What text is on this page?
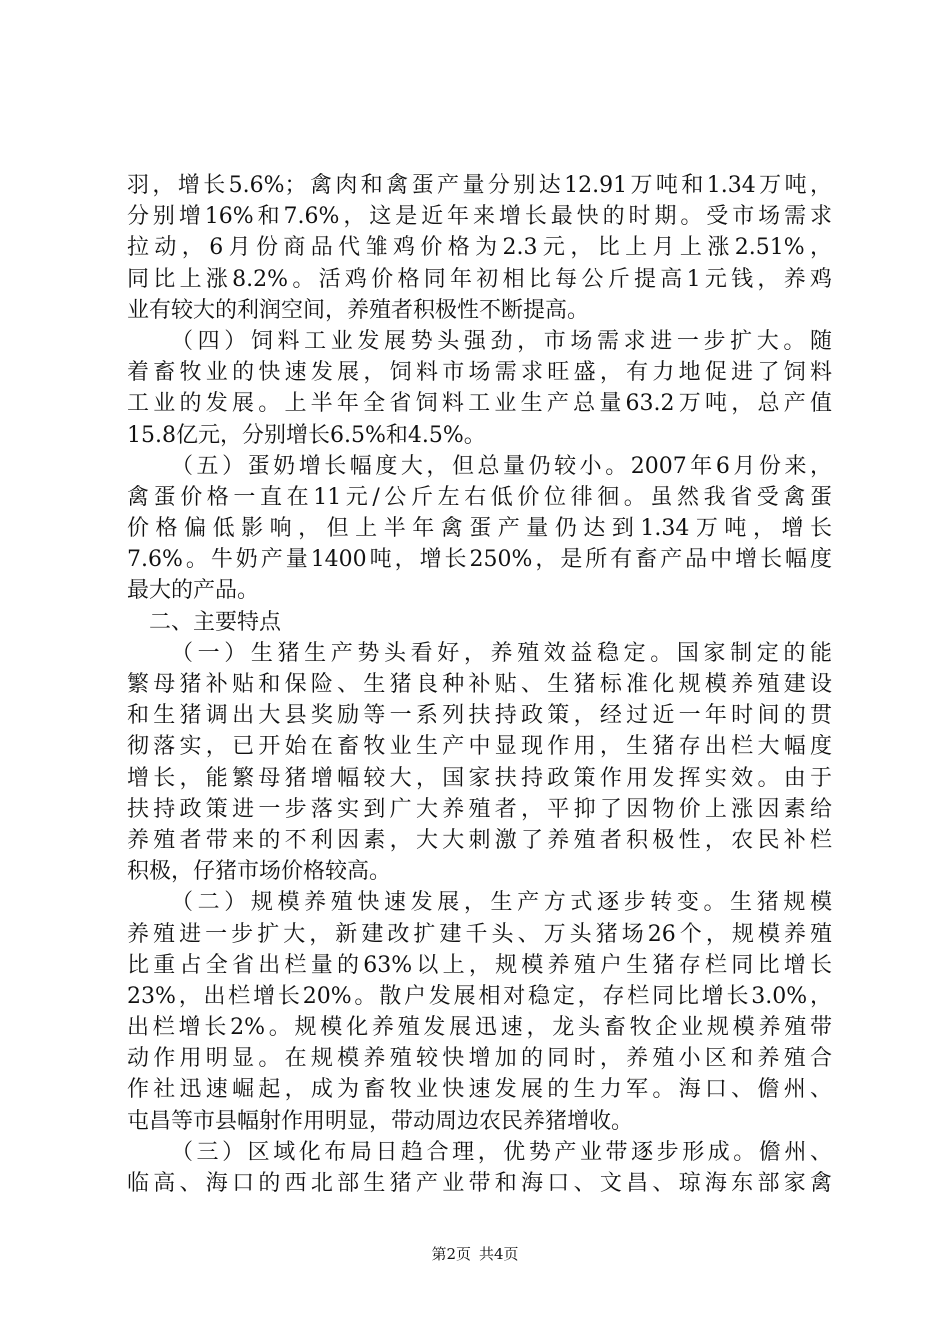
羽，增长5.6%；禽肉和禽蛋产量分别达12.91万吨和1.34万吨，
分别增16%和7.6%，这是近年来增长最快的时期。受市场需求
拉动，6月份商品代雏鸡价格为2.3元，比上月上涨2.51%，
同比上涨8.2%。活鸡价格同年初相比每公斤提高1元钱，养鸡
业有较大的利润空间，养殖者积极性不断提高。
（四）饲料工业发展势头强劲，市场需求进一步扩大。随
着畜牧业的快速发展，饲料市场需求旺盛，有力地促进了饲料
工业的发展。上半年全省饲料工业生产总量63.2万吨，总产值
15.8亿元，分别增长6.5%和4.5%。
（五）蛋奶增长幅度大，但总量仍较小。2007年6月份来，
禽蛋价格一直在11元/公斤左右低价位徘徊。虽然我省受禽蛋
价格偏低影响，但上半年禽蛋产量仍达到1.34万吨，增长
7.6%。牛奶产量1400吨，增长250%，是所有畜产品中增长幅度
最大的产品。
二、主要特点
（一）生猪生产势头看好，养殖效益稳定。国家制定的能
繁母猪补贴和保险、生猪良种补贴、生猪标准化规模养殖建设
和生猪调出大县奖励等一系列扶持政策，经过近一年时间的贯
彻落实，已开始在畜牧业生产中显现作用，生猪存出栏大幅度
增长，能繁母猪增幅较大，国家扶持政策作用发挥实效。由于
扶持政策进一步落实到广大养殖者，平抑了因物价上涨因素给
养殖者带来的不利因素，大大刺激了养殖者积极性，农民补栏
积极，仔猪市场价格较高。
（二）规模养殖快速发展，生产方式逐步转变。生猪规模
养殖进一步扩大，新建改扩建千头、万头猪场26个，规模养殖
比重占全省出栏量的63%以上，规模养殖户生猪存栏同比增长
23%，出栏增长20%。散户发展相对稳定，存栏同比增长3.0%，
出栏增长2%。规模化养殖发展迅速，龙头畜牧企业规模养殖带
动作用明显。在规模养殖较快增加的同时，养殖小区和养殖合
作社迅速崛起，成为畜牧业快速发展的生力军。海口、儋州、
屯昌等市县幅射作用明显，带动周边农民养猪增收。
（三）区域化布局日趋合理，优势产业带逐步形成。儋州、
临高、海口的西北部生猪产业带和海口、文昌、琼海东部家禽
第2页 共4页
